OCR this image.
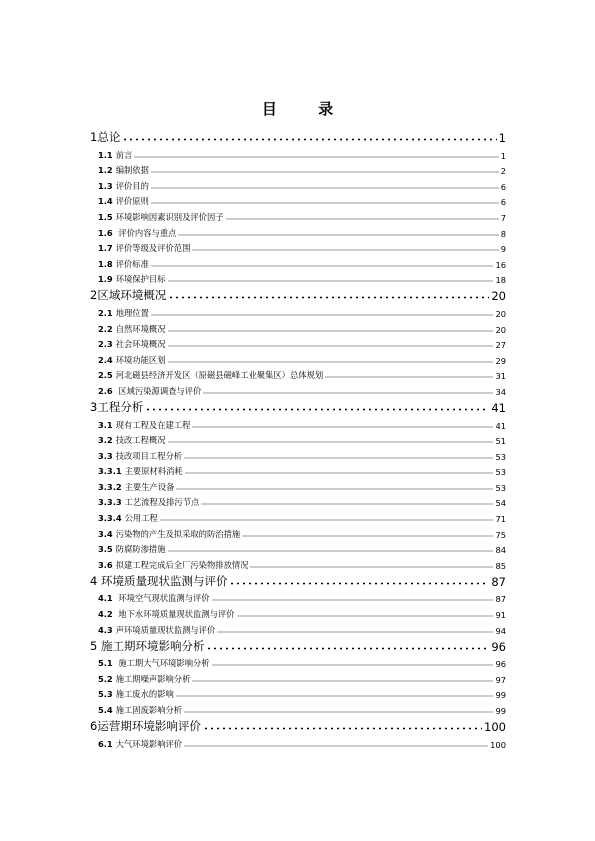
目 录
1总论	1
1.1 前言	1
1.2 编制依据	2
1.3 评价目的	6
1.4 评价原则	6
1.5 环境影响因素识别及评价因子	7
1.6 评价内容与重点	8
1.7 评价等级及评价范围	9
1.8 评价标准	16
1.9 环境保护目标	18
2区域环境概况	20
2.1 地理位置	20
2.2 自然环境概况	20
2.3 社会环境概况	27
2.4 环境功能区划	29
2.5 河北磁县经济开发区（原磁县磁峰工业聚集区）总体规划	31
2.6 区域污染源调查与评价	34
3工程分析	41
3.1 现有工程及在建工程	41
3.2 技改工程概况	51
3.3 技改项目工程分析	53
3.3.1 主要原材料消耗	53
3.3.2 主要生产设备	53
3.3.3 工艺流程及排污节点	54
3.3.4 公用工程	71
3.4 污染物的产生及拟采取的防治措施	75
3.5 防腐防渗措施	84
3.6 拟建工程完成后全厂污染物排放情况	85
4 环境质量现状监测与评价	87
4.1 环境空气现状监测与评价	87
4.2 地下水环境质量现状监测与评价	91
4.3 声环境质量现状监测与评价	94
5 施工期环境影响分析	96
5.1 施工期大气环境影响分析	96
5.2 施工期噪声影响分析	97
5.3 施工废水的影响	99
5.4 施工固废影响分析	99
6运营期环境影响评价	100
6.1 大气环境影响评价	100
